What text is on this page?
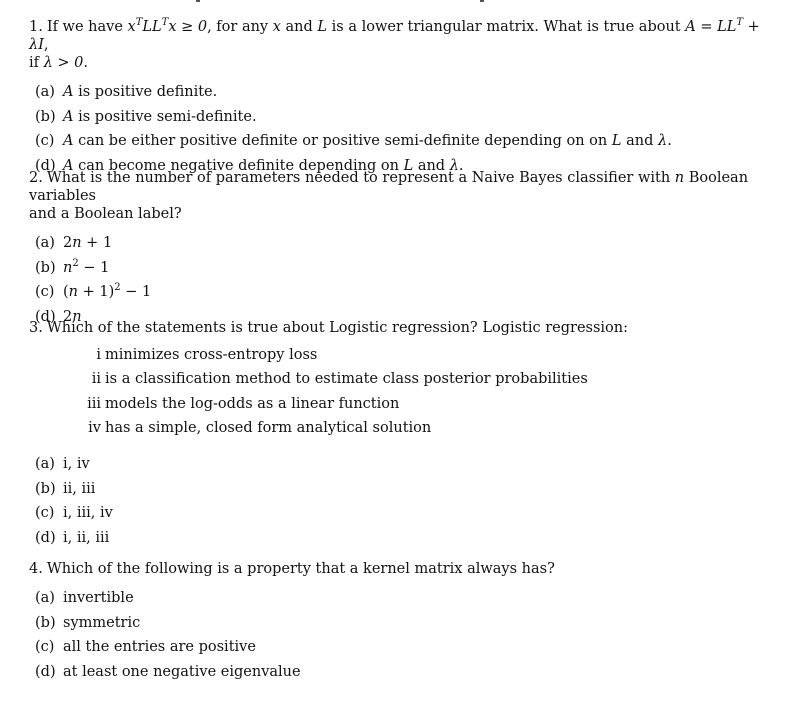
1. If we have $x^TLL^Tx \ge 0$, for any x and L is a lower triangular matrix. What is true about $A = LL^T + \lambda I$,
if λ > 0.

(a) A is positive definite.
(b) A is positive semi-definite.
(c) A can be either positive definite or positive semi-definite depending on on L and λ.
(d) A can become negative definite depending on L and λ.

2. What is the number of parameters needed to represent a Naive Bayes classifier with n Boolean variables
and a Boolean label?

(a) 2n + 1
(b) $n^2 - 1$
(c) $(n + 1)^2 - 1$
(d) 2n

3. Which of the statements is true about Logistic regression? Logistic regression:

i minimizes cross-entropy loss
ii is a classification method to estimate class posterior probabilities
iii models the log-odds as a linear function
iv has a simple, closed form analytical solution
(a) i, iv
(b) ii, iii
(c) i, iii, iv
(d) i, ii, iii

4. Which of the following is a property that a kernel matrix always has?

(a) invertible
(b) symmetric
(c) all the entries are positive
(d) at least one negative eigenvalue
